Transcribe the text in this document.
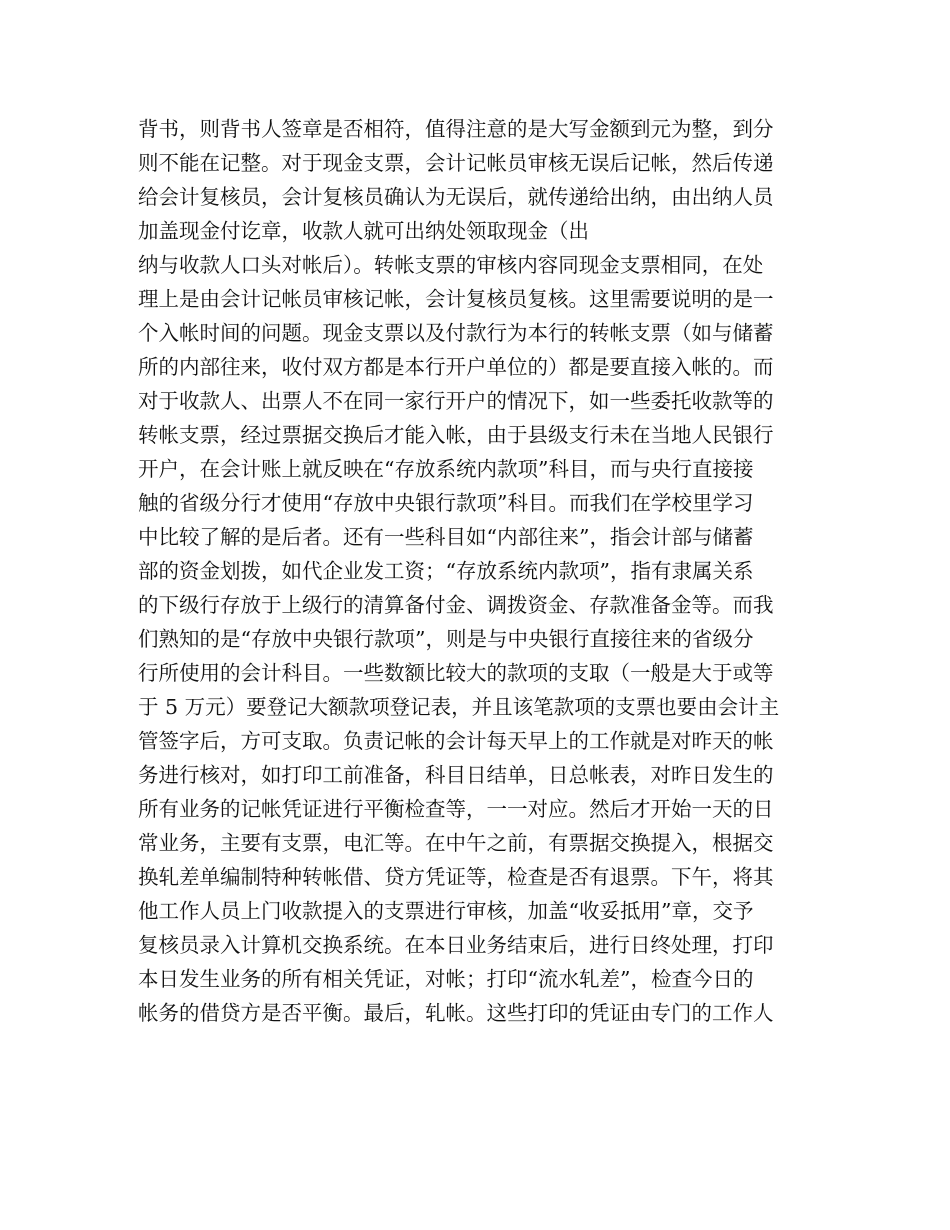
背书，则背书人签章是否相符，值得注意的是大写金额到元为整，到分
则不能在记整。对于现金支票，会计记帐员审核无误后记帐，然后传递
给会计复核员，会计复核员确认为无误后，就传递给出纳，由出纳人员
加盖现金付讫章，收款人就可出纳处领取现金（出
纳与收款人口头对帐后）。转帐支票的审核内容同现金支票相同，在处
理上是由会计记帐员审核记帐，会计复核员复核。这里需要说明的是一
个入帐时间的问题。现金支票以及付款行为本行的转帐支票（如与储蓄
所的内部往来，收付双方都是本行开户单位的）都是要直接入帐的。而
对于收款人、出票人不在同一家行开户的情况下，如一些委托收款等的
转帐支票，经过票据交换后才能入帐，由于县级支行未在当地人民银行
开户，在会计账上就反映在“存放系统内款项”科目，而与央行直接接
触的省级分行才使用“存放中央银行款项”科目。而我们在学校里学习
中比较了解的是后者。还有一些科目如“内部往来”，指会计部与储蓄
部的资金划拨，如代企业发工资；“存放系统内款项”，指有隶属关系
的下级行存放于上级行的清算备付金、调拨资金、存款准备金等。而我
们熟知的是“存放中央银行款项”，则是与中央银行直接往来的省级分
行所使用的会计科目。一些数额比较大的款项的支取（一般是大于或等
于 5 万元）要登记大额款项登记表，并且该笔款项的支票也要由会计主
管签字后，方可支取。负责记帐的会计每天早上的工作就是对昨天的帐
务进行核对，如打印工前准备，科目日结单，日总帐表，对昨日发生的
所有业务的记帐凭证进行平衡检查等，一一对应。然后才开始一天的日
常业务，主要有支票，电汇等。在中午之前，有票据交换提入，根据交
换轧差单编制特种转帐借、贷方凭证等，检查是否有退票。下午，将其
他工作人员上门收款提入的支票进行审核，加盖“收妥抵用”章，交予
复核员录入计算机交换系统。在本日业务结束后，进行日终处理，打印
本日发生业务的所有相关凭证，对帐；打印“流水轧差”，检查今日的
帐务的借贷方是否平衡。最后，轧帐。这些打印的凭证由专门的工作人
